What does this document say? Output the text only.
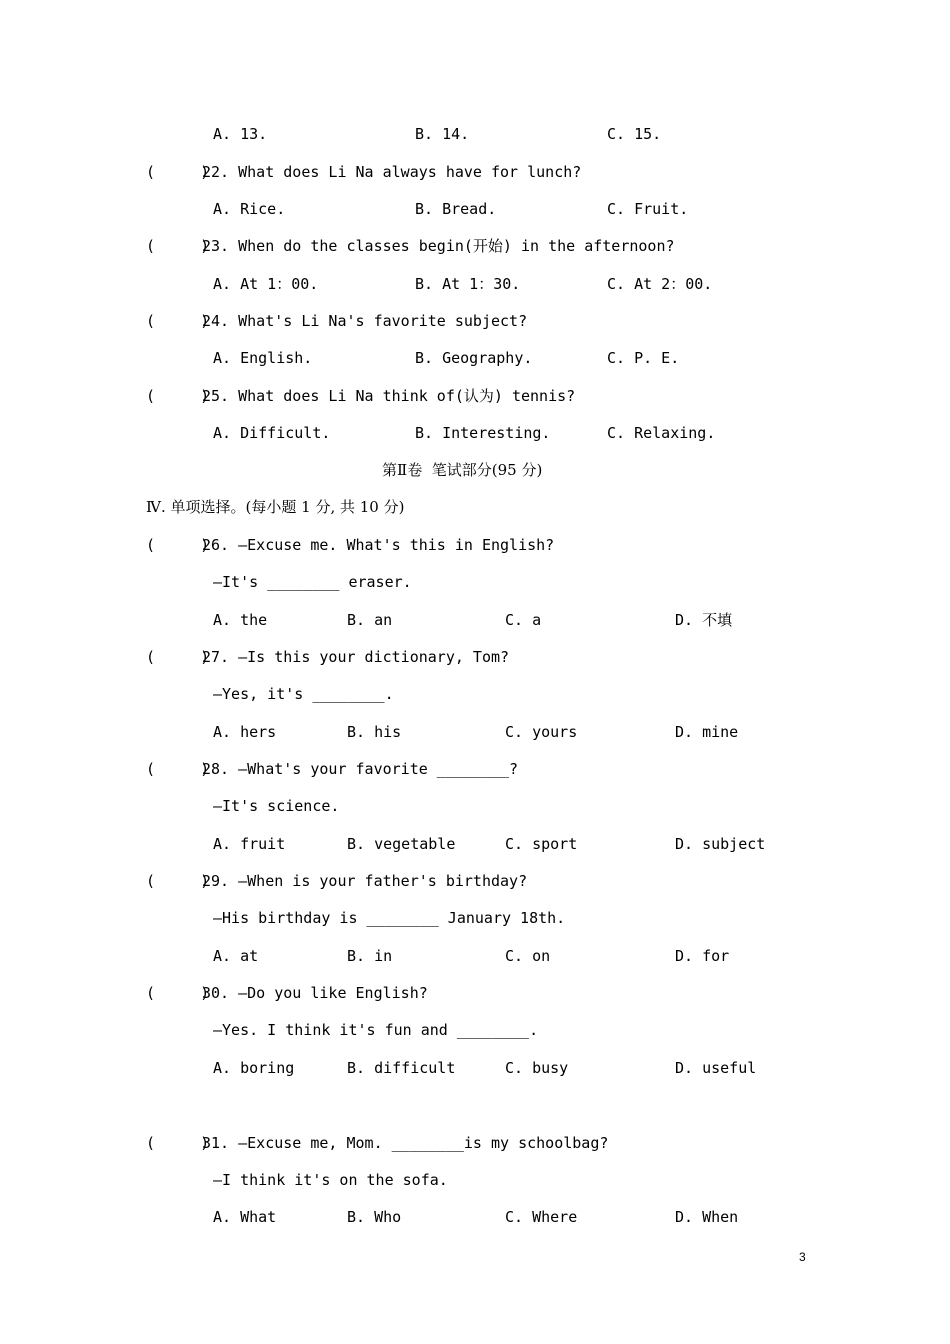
A. 13.	B. 14.	C. 15.
(     )
22. What does Li Na always have for lunch?
A. Rice.	B. Bread.	C. Fruit.
(     )
23. When do the classes begin(开始) in the afternoon?
A. At 1：00.	B. At 1：30.	C. At 2：00.
(     )
24. What's Li Na's favorite subject?
A. English.	B. Geography.	C. P. E.
(     )
25. What does Li Na think of(认为) tennis?
A. Difficult.	B. Interesting.	C. Relaxing.
第Ⅱ卷  笔试部分(95 分)
Ⅳ. 单项选择。(每小题 1 分, 共 10 分)
(     )
26. —Excuse me. What's this in English?
—It's ________ eraser.
A. the	B. an	C. a	D. 不填
(     )
27. —Is this your dictionary, Tom?
—Yes, it's ________.
A. hers	B. his	C. yours	D. mine
(     )
28. —What's your favorite ________?
—It's science.
A. fruit	B. vegetable	C. sport	D. subject
(     )
29. —When is your father's birthday?
—His birthday is ________ January 18th.
A. at	B. in	C. on	D. for
(     )
30. —Do you like English?
—Yes. I think it's fun and ________.
A. boring	B. difficult	C. busy	D. useful
(     )
31. —Excuse me, Mom. ________is my schoolbag?
—I think it's on the sofa.
A. What	B. Who	C. Where	D. When
3
